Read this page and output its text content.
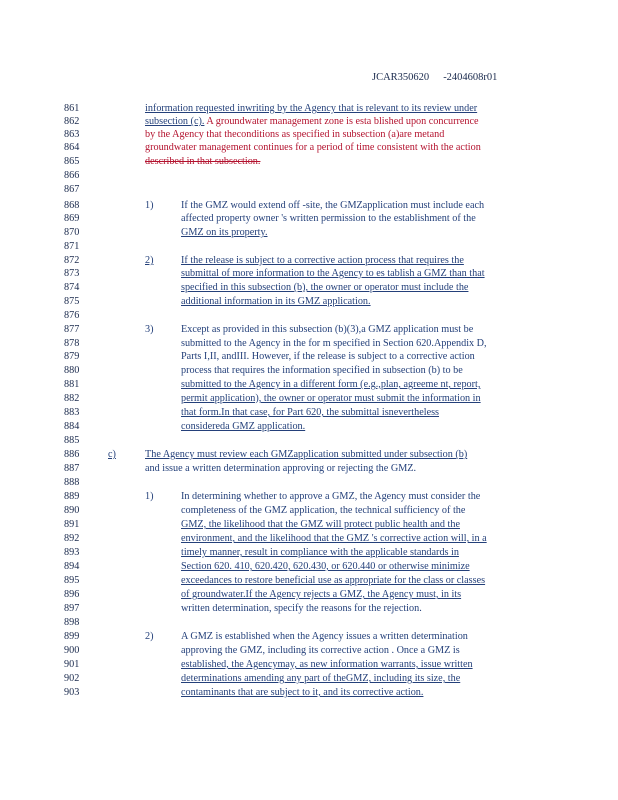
JCAR350620 -2404608r01
861
862
863
864
865
866
867
868
869
870
871
872
873
874
875
876
877
878
879
880
881
882
883
884
885
886
887
888
889
890
891
892
893
894
895
896
897
898
899
900
901
902
903
information requested inwriting by the Agency that is relevant to its review under
subsection (c). A groundwater management zone is esta blished upon concurrence
by the Agency that theconditions as specified in subsection (a)are metand
groundwater management continues for a period of time consistent with the action
described in that subsection.
1)	If the GMZ would extend off -site, the GMZapplication must include each
affected property owner 's written permission to the establishment of the
GMZ on its property.
2)	If the release is subject to a corrective action process that requires the
submittal of more information to the Agency to es tablish a GMZ than that
specified in this subsection (b), the owner or operator must include the
additional information in its GMZ application.
3)	Except as provided in this subsection (b)(3),a GMZ application must be
submitted to the Agency in the for m specified in Section 620.Appendix D,
Parts I,II, andIII. However, if the release is subject to a corrective action
process that requires the information specified in subsection (b) to be
submitted to the Agency in a different form (e.g.,plan, agreeme nt, report,
permit application), the owner or operator must submit the information in
that form.In that case, for Part 620, the submittal isnevertheless
considereda GMZ application.
c)	The Agency must review each GMZapplication submitted under subsection (b)
and issue a written determination approving or rejecting the GMZ.
1)	In determining whether to approve a GMZ, the Agency must consider the
completeness of the GMZ application, the technical sufficiency of the
GMZ, the likelihood that the GMZ will protect public health and the
environment, and the likelihood that the GMZ 's corrective action will, in a
timely manner, result in compliance with the applicable standards in
Section 620. 410, 620.420, 620.430, or 620.440 or otherwise minimize
exceedances to restore beneficial use as appropriate for the class or classes
of groundwater.If the Agency rejects a GMZ, the Agency must, in its
written determination, specify the reasons for the rejection.
2)	A GMZ is established when the Agency issues a written determination
approving the GMZ, including its corrective action . Once a GMZ is
established, the Agencymay, as new information warrants, issue written
determinations amending any part of theGMZ, including its size, the
contaminants that are subject to it, and its corrective action.
